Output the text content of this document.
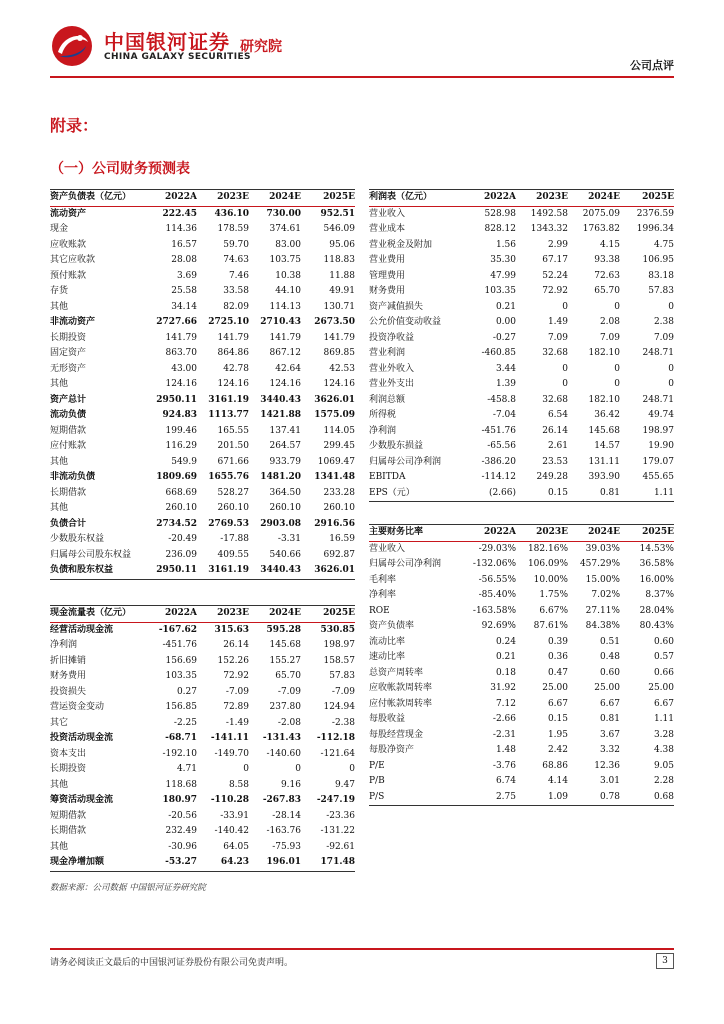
中国银河证券 研究院
CHINA GALAXY SECURITIES
公司点评
附录：
（一）公司财务预测表
资产负债表（亿元）	2022A	2023E	2024E	2025E
流动资产	222.45	436.10	730.00	952.51
现金	114.36	178.59	374.61	546.09
应收账款	16.57	59.70	83.00	95.06
其它应收款	28.08	74.63	103.75	118.83
预付账款	3.69	7.46	10.38	11.88
存货	25.58	33.58	44.10	49.91
其他	34.14	82.09	114.13	130.71
非流动资产	2727.66	2725.10	2710.43	2673.50
长期投资	141.79	141.79	141.79	141.79
固定资产	863.70	864.86	867.12	869.85
无形资产	43.00	42.78	42.64	42.53
其他	124.16	124.16	124.16	124.16
资产总计	2950.11	3161.19	3440.43	3626.01
流动负债	924.83	1113.77	1421.88	1575.09
短期借款	199.46	165.55	137.41	114.05
应付账款	116.29	201.50	264.57	299.45
其他	549.9	671.66	933.79	1069.47
非流动负债	1809.69	1655.76	1481.20	1341.48
长期借款	668.69	528.27	364.50	233.28
其他	260.10	260.10	260.10	260.10
负债合计	2734.52	2769.53	2903.08	2916.56
少数股东权益	-20.49	-17.88	-3.31	16.59
归属母公司股东权益	236.09	409.55	540.66	692.87
负债和股东权益	2950.11	3161.19	3440.43	3626.01
现金流量表（亿元）	2022A	2023E	2024E	2025E
经营活动现金流	-167.62	315.63	595.28	530.85
净利润	-451.76	26.14	145.68	198.97
折旧摊销	156.69	152.26	155.27	158.57
财务费用	103.35	72.92	65.70	57.83
投资损失	0.27	-7.09	-7.09	-7.09
营运资金变动	156.85	72.89	237.80	124.94
其它	-2.25	-1.49	-2.08	-2.38
投资活动现金流	-68.71	-141.11	-131.43	-112.18
资本支出	-192.10	-149.70	-140.60	-121.64
长期投资	4.71	0	0	0
其他	118.68	8.58	9.16	9.47
筹资活动现金流	180.97	-110.28	-267.83	-247.19
短期借款	-20.56	-33.91	-28.14	-23.36
长期借款	232.49	-140.42	-163.76	-131.22
其他	-30.96	64.05	-75.93	-92.61
现金净增加额	-53.27	64.23	196.01	171.48
利润表（亿元）	2022A	2023E	2024E	2025E
营业收入	528.98	1492.58	2075.09	2376.59
营业成本	828.12	1343.32	1763.82	1996.34
营业税金及附加	1.56	2.99	4.15	4.75
营业费用	35.30	67.17	93.38	106.95
管理费用	47.99	52.24	72.63	83.18
财务费用	103.35	72.92	65.70	57.83
资产减值损失	0.21	0	0	0
公允价值变动收益	0.00	1.49	2.08	2.38
投资净收益	-0.27	7.09	7.09	7.09
营业利润	-460.85	32.68	182.10	248.71
营业外收入	3.44	0	0	0
营业外支出	1.39	0	0	0
利润总额	-458.8	32.68	182.10	248.71
所得税	-7.04	6.54	36.42	49.74
净利润	-451.76	26.14	145.68	198.97
少数股东损益	-65.56	2.61	14.57	19.90
归属母公司净利润	-386.20	23.53	131.11	179.07
EBITDA	-114.12	249.28	393.90	455.65
EPS（元）	(2.66)	0.15	0.81	1.11
主要财务比率	2022A	2023E	2024E	2025E
营业收入	-29.03%	182.16%	39.03%	14.53%
归属母公司净利润	-132.06%	106.09%	457.29%	36.58%
毛利率	-56.55%	10.00%	15.00%	16.00%
净利率	-85.40%	1.75%	7.02%	8.37%
ROE	-163.58%	6.67%	27.11%	28.04%
资产负债率	92.69%	87.61%	84.38%	80.43%
流动比率	0.24	0.39	0.51	0.60
速动比率	0.21	0.36	0.48	0.57
总资产周转率	0.18	0.47	0.60	0.66
应收帐款周转率	31.92	25.00	25.00	25.00
应付帐款周转率	7.12	6.67	6.67	6.67
每股收益	-2.66	0.15	0.81	1.11
每股经营现金	-2.31	1.95	3.67	3.28
每股净资产	1.48	2.42	3.32	4.38
P/E	-3.76	68.86	12.36	9.05
P/B	6.74	4.14	3.01	2.28
P/S	2.75	1.09	0.78	0.68
数据来源：公司数据 中国银河证券研究院
请务必阅读正文最后的中国银河证券股份有限公司免责声明。	3
